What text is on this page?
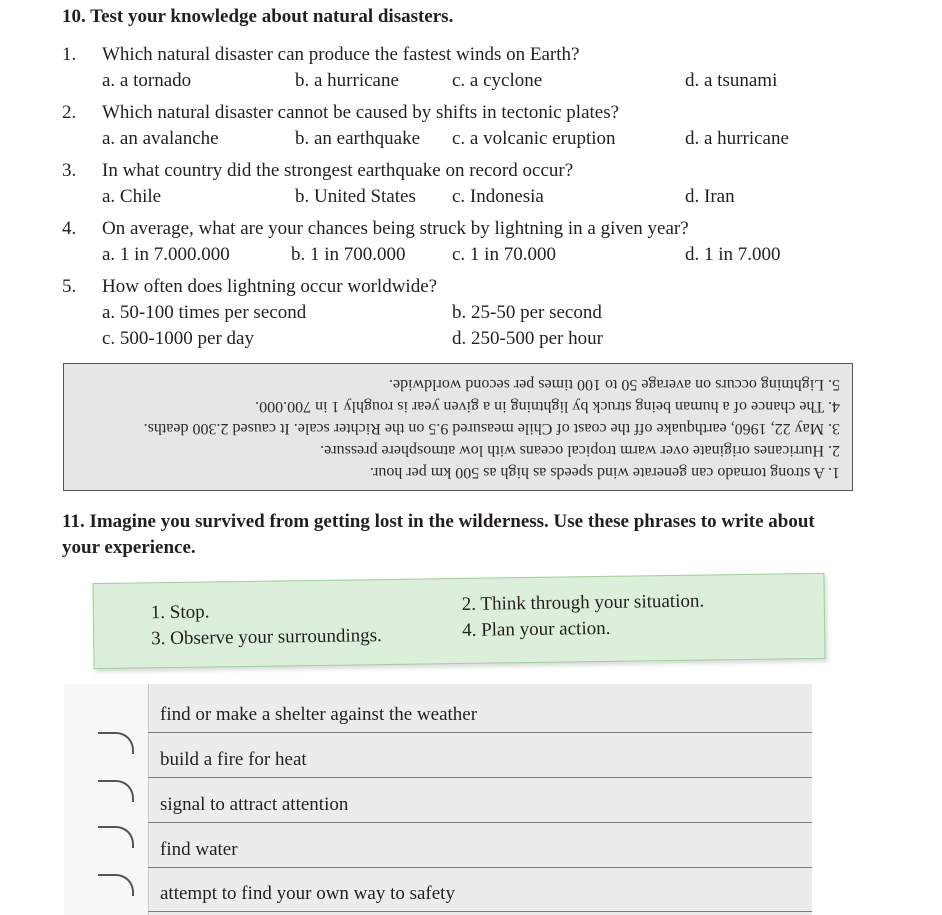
10. Test your knowledge about natural disasters.
1. Which natural disaster can produce the fastest winds on Earth?
a. a tornado	b. a hurricane	c. a cyclone	d. a tsunami
2. Which natural disaster cannot be caused by shifts in tectonic plates?
a. an avalanche	b. an earthquake c. a volcanic eruption	d. a hurricane
3. In what country did the strongest earthquake on record occur?
a. Chile	b. United States c. Indonesia	d. Iran
4. On average, what are your chances being struck by lightning in a given year?
a. 1 in 7.000.000	b. 1 in 700.000 c. 1 in 70.000	d. 1 in 7.000
5. How often does lightning occur worldwide?
a. 50-100 times per second	b. 25-50 per second
c. 500-1000 per day	d. 250-500 per hour
1. A strong tornado can generate wind speeds as high as 500 km per hour.
2. Hurricanes originate over warm tropical oceans with low atmosphere pressure.
3. May 22, 1960, earthquake off the coast of Chile measured 9.5 on the Richter scale. It caused 2.300 deaths.
4. The chance of a human being struck by lightning in a given year is roughly 1 in 700.000.
5. Lightning occurs on average 50 to 100 times per second worldwide.
11. Imagine you survived from getting lost in the wilderness. Use these phrases to write about your experience.
1. Stop.	2. Think through your situation.
3. Observe your surroundings.	4. Plan your action.
find or make a shelter against the weather
build a fire for heat
signal to attract attention
find water
attempt to find your own way to safety
